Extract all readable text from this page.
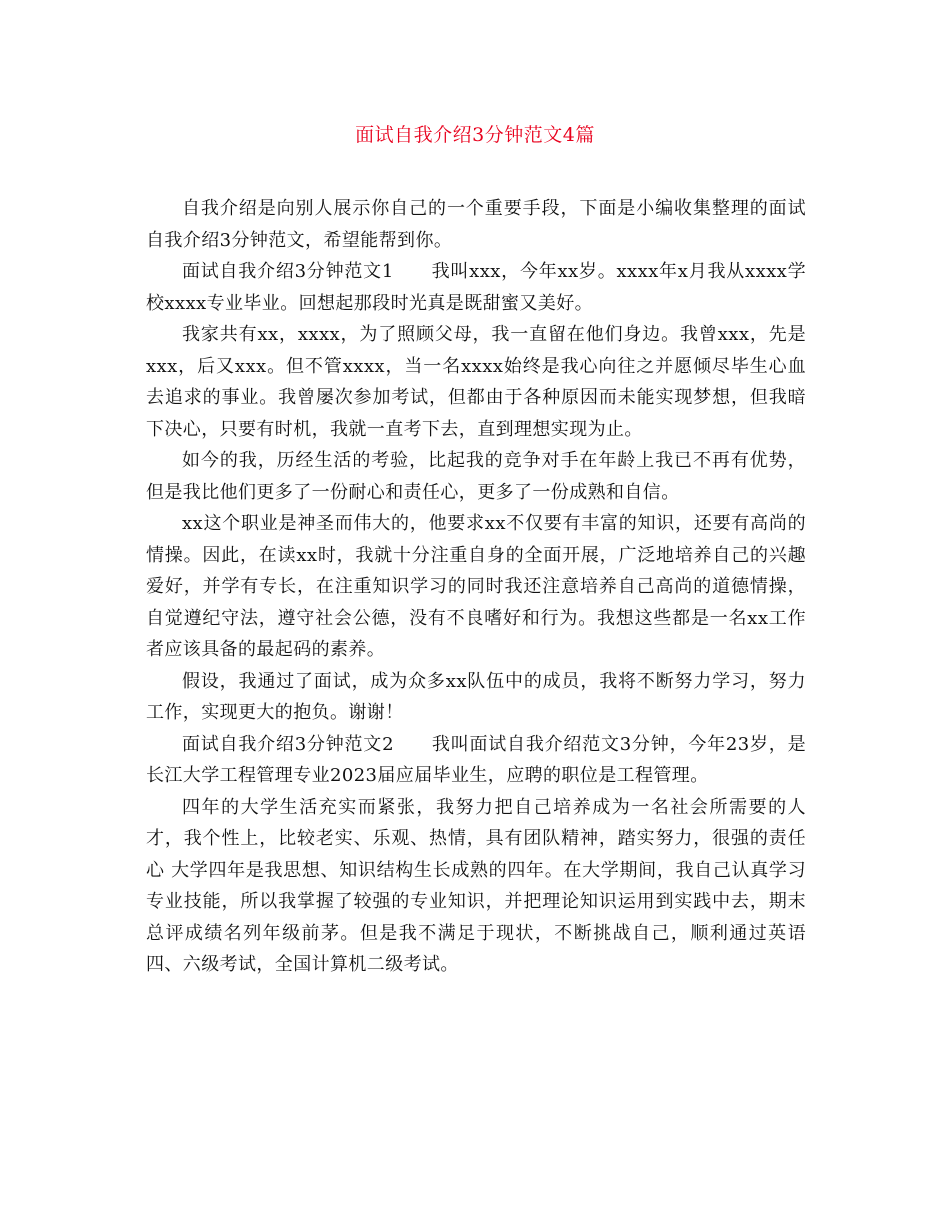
面试自我介绍3分钟范文4篇

自我介绍是向别人展示你自己的一个重要手段，下面是小编收集整理的面试自我介绍3分钟范文，希望能帮到你。

面试自我介绍3分钟范文1　　我叫xxx，今年xx岁。xxxx年x月我从xxxx学校xxxx专业毕业。回想起那段时光真是既甜蜜又美好。

我家共有xx，xxxx，为了照顾父母，我一直留在他们身边。我曾xxx，先是xxx，后又xxx。但不管xxxx，当一名xxxx始终是我心向往之并愿倾尽毕生心血去追求的事业。我曾屡次参加考试，但都由于各种原因而未能实现梦想，但我暗下决心，只要有时机，我就一直考下去，直到理想实现为止。

如今的我，历经生活的考验，比起我的竞争对手在年龄上我已不再有优势，但是我比他们更多了一份耐心和责任心，更多了一份成熟和自信。

xx这个职业是神圣而伟大的，他要求xx不仅要有丰富的知识，还要有高尚的情操。因此，在读xx时，我就十分注重自身的全面开展，广泛地培养自己的兴趣爱好，并学有专长，在注重知识学习的同时我还注意培养自己高尚的道德情操，自觉遵纪守法，遵守社会公德，没有不良嗜好和行为。我想这些都是一名xx工作者应该具备的最起码的素养。

假设，我通过了面试，成为众多xx队伍中的成员，我将不断努力学习，努力工作，实现更大的抱负。谢谢！

面试自我介绍3分钟范文2　　我叫面试自我介绍范文3分钟，今年23岁，是长江大学工程管理专业2023届应届毕业生，应聘的职位是工程管理。

四年的大学生活充实而紧张，我努力把自己培养成为一名社会所需要的人才，我个性上，比较老实、乐观、热情，具有团队精神，踏实努力，很强的责任心 大学四年是我思想、知识结构生长成熟的四年。在大学期间，我自己认真学习专业技能，所以我掌握了较强的专业知识，并把理论知识运用到实践中去，期末总评成绩名列年级前茅。但是我不满足于现状，不断挑战自己，顺利通过英语四、六级考试，全国计算机二级考试。
